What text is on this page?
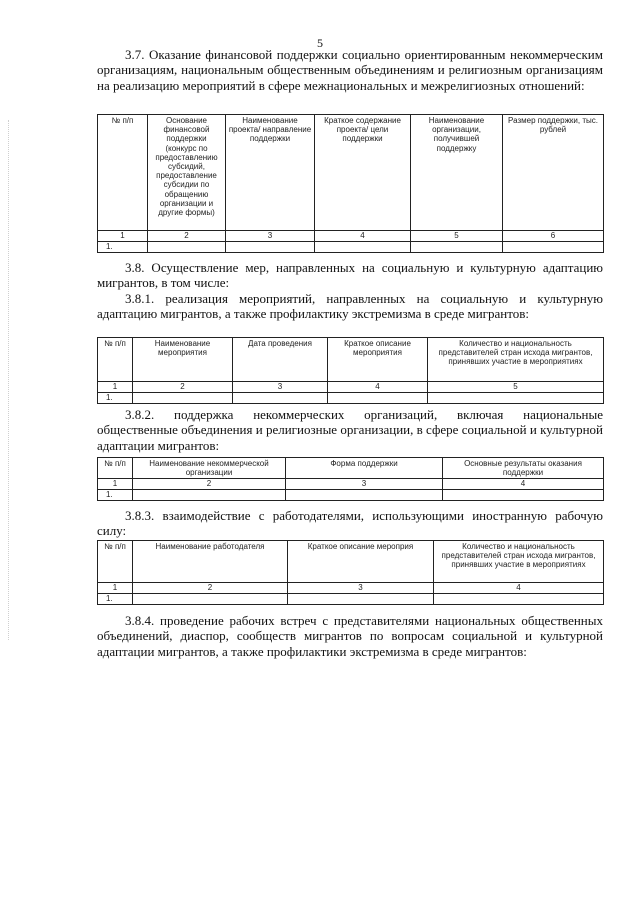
5

3.7. Оказание финансовой поддержки социально ориентированным некоммерческим организациям, национальным общественным объединениям и религиозным организациям на реализацию мероприятий в сфере межнациональных и межрелигиозных отношений:

№ п/п	Основание финансовой поддержки (конкурс по предоставлению субсидий, предоставление субсидии по обращению организации и другие формы)	Наименование проекта/ направление поддержки	Краткое содержание проекта/ цели поддержки	Наименование организации, получившей поддержку	Размер поддержки, тыс. рублей
1	2	3	4	5	6
1.					

3.8. Осуществление мер, направленных на социальную и культурную адаптацию мигрантов, в том числе:

3.8.1. реализация мероприятий, направленных на социальную и культурную адаптацию мигрантов, а также профилактику экстремизма в среде мигрантов:

№ п/п	Наименование мероприятия	Дата проведения	Краткое описание мероприятия	Количество и национальность представителей стран исхода мигрантов, принявших участие в мероприятиях
1	2	3	4	5
1.				

3.8.2. поддержка некоммерческих организаций, включая национальные общественные объединения и религиозные организации, в сфере социальной и культурной адаптации мигрантов:

№ п/п	Наименование некоммерческой организации	Форма поддержки	Основные результаты оказания поддержки
1	2	3	4
1.			

3.8.3. взаимодействие с работодателями, использующими иностранную рабочую силу:

№ п/п	Наименование работодателя	Краткое описание мероприя	Количество и национальность представителей стран исхода мигрантов, принявших участие в мероприятиях
1	2	3	4
1.			

3.8.4. проведение рабочих встреч с представителями национальных общественных объединений, диаспор, сообществ мигрантов по вопросам социальной и культурной адаптации мигрантов, а также профилактики экстремизма в среде мигрантов:
